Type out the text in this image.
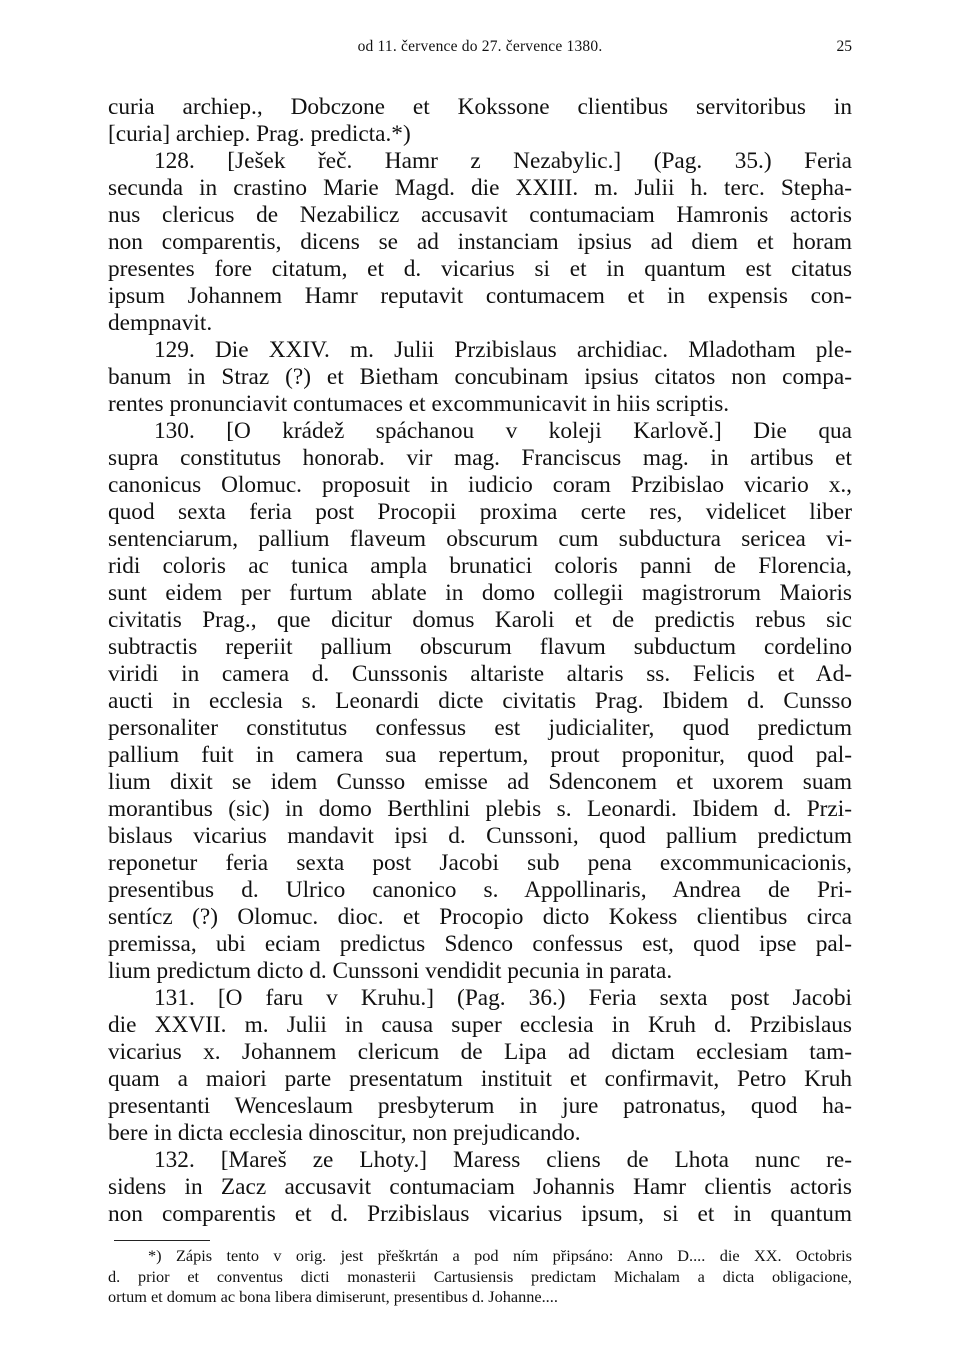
od 11. července do 27. července 1380.	25
curia archiep., Dobczone et Kokssone clientibus servitoribus in
[curia] archiep. Prag. predicta.*)
128. [Ješek řeč. Hamr z Nezabylic.] (Pag. 35.) Feria
secunda in crastino Marie Magd. die XXIII. m. Julii h. terc. Stepha-
nus clericus de Nezabilicz accusavit contumaciam Hamronis actoris
non comparentis, dicens se ad instanciam ipsius ad diem et horam
presentes fore citatum, et d. vicarius si et in quantum est citatus
ipsum Johannem Hamr reputavit contumacem et in expensis con-
dempnavit.
129. Die XXIV. m. Julii Przibislaus archidiac. Mladotham ple-
banum in Straz (?) et Bietham concubinam ipsius citatos non compa-
rentes pronunciavit contumaces et excommunicavit in hiis scriptis.
130. [O krádež spáchanou v koleji Karlově.] Die qua
supra constitutus honorab. vir mag. Franciscus mag. in artibus et
canonicus Olomuc. proposuit in iudicio coram Przibislao vicario x.,
quod sexta feria post Procopii proxima certe res, videlicet liber
sentenciarum, pallium flaveum obscurum cum subductura sericea vi-
ridi coloris ac tunica ampla brunatici coloris panni de Florencia,
sunt eidem per furtum ablate in domo collegii magistrorum Maioris
civitatis Prag., que dicitur domus Karoli et de predictis rebus sic
subtractis reperiit pallium obscurum flavum subductum cordelino
viridi in camera d. Cunssonis altariste altaris ss. Felicis et Ad-
aucti in ecclesia s. Leonardi dicte civitatis Prag. Ibidem d. Cunsso
personaliter constitutus confessus est judicialiter, quod predictum
pallium fuit in camera sua repertum, prout proponitur, quod pal-
lium dixit se idem Cunsso emisse ad Sdenconem et uxorem suam
morantibus (sic) in domo Berthlini plebis s. Leonardi. Ibidem d. Przi-
bislaus vicarius mandavit ipsi d. Cunssoni, quod pallium predictum
reponetur feria sexta post Jacobi sub pena excommunicacionis,
presentibus d. Ulrico canonico s. Appollinaris, Andrea de Pri-
sentícz (?) Olomuc. dioc. et Procopio dicto Kokess clientibus circa
premissa, ubi eciam predictus Sdenco confessus est, quod ipse pal-
lium predictum dicto d. Cunssoni vendidit pecunia in parata.
131. [O faru v Kruhu.] (Pag. 36.) Feria sexta post Jacobi
die XXVII. m. Julii in causa super ecclesia in Kruh d. Przibislaus
vicarius x. Johannem clericum de Lipa ad dictam ecclesiam tam-
quam a maiori parte presentatum instituit et confirmavit, Petro Kruh
presentanti Wenceslaum presbyterum in jure patronatus, quod ha-
bere in dicta ecclesia dinoscitur, non prejudicando.
132. [Mareš ze Lhoty.] Maress cliens de Lhota nunc re-
sidens in Zacz accusavit contumaciam Johannis Hamr clientis actoris
non comparentis et d. Przibislaus vicarius ipsum, si et in quantum
*) Zápis tento v orig. jest přeškrtán a pod ním připsáno: Anno D.... die XX. Octobris
d. prior et conventus dicti monasterii Cartusiensis predictam Michalam a dicta obligacione,
ortum et domum ac bona libera dimiserunt, presentibus d. Johanne....
